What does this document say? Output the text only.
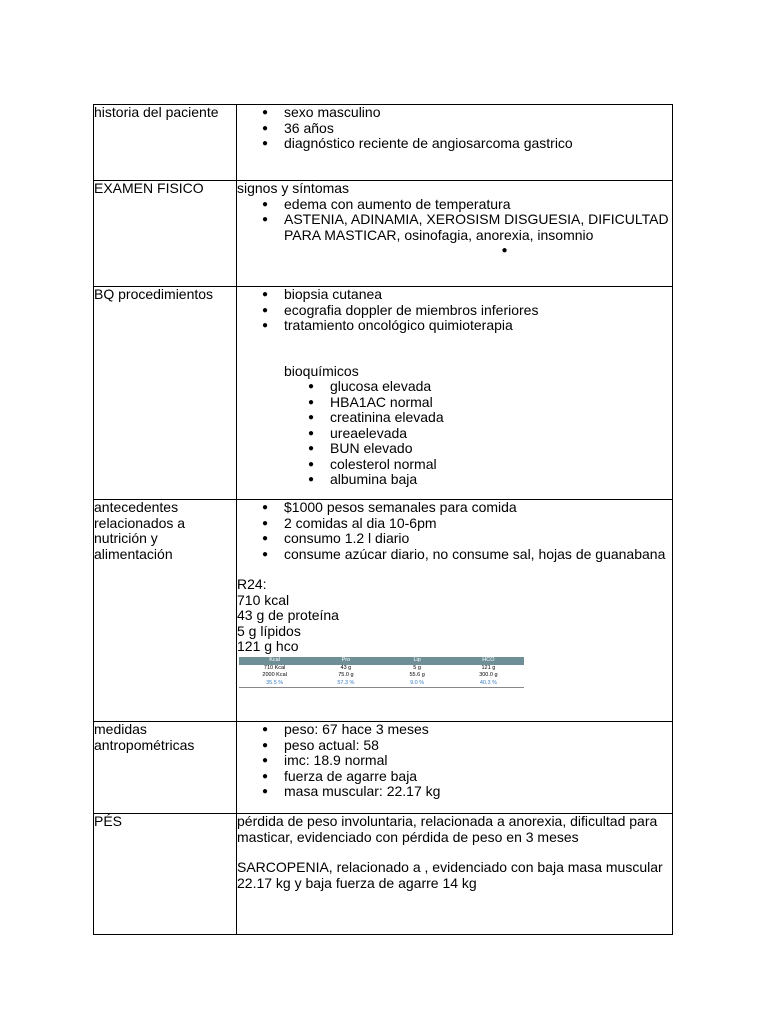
historia del paciente	
●sexo masculino
● 36 años
● diagnóstico reciente de angiosarcoma gastrico

EXAMEN FISICO	signos y síntomas
● edema con aumento de temperatura
● ASTENIA, ADINAMIA, XEROSISM DISGUESIA, DIFICULTAD PARA MASTICAR, osinofagia, anorexia, insomnio
●

BQ procedimientos	
●biopsia cutanea
● ecografia doppler de miembros inferiores
● tratamiento oncológico quimioterapia
bioquímicos
● glucosa elevada
● HBA1AC normal
● creatinina elevada
● ureaelevada
● BUN elevado
● colesterol normal
● albumina baja

antecedentes relacionados a nutrición y alimentación	
● $1000 pesos semanales para comida
● 2 comidas al dia 10-6pm
● consumo 1.2 l diario
● consume azúcar diario, no consume sal, hojas de guanabana
R24:
710 kcal
43 g de proteína
5 g lípidos
121 g hco
Kcal	Pro	Lip	HCO
710 Kcal	43 g	5 g	121 g
2000 Kcal	75.0 g	55.6 g	300.0 g
35.5 %	57.3 %	9.0 %	40.3 %

medidas antropométricas	
● peso: 67 hace 3 meses
● peso actual: 58
● imc: 18.9 normal
● fuerza de agarre baja
● masa muscular: 22.17 kg

PÉS	pérdida de peso involuntaria, relacionada a anorexia, dificultad para masticar, evidenciado con pérdida de peso en 3 meses
SARCOPENIA, relacionado a , evidenciado con baja masa muscular 22.17 kg y baja fuerza de agarre 14 kg
